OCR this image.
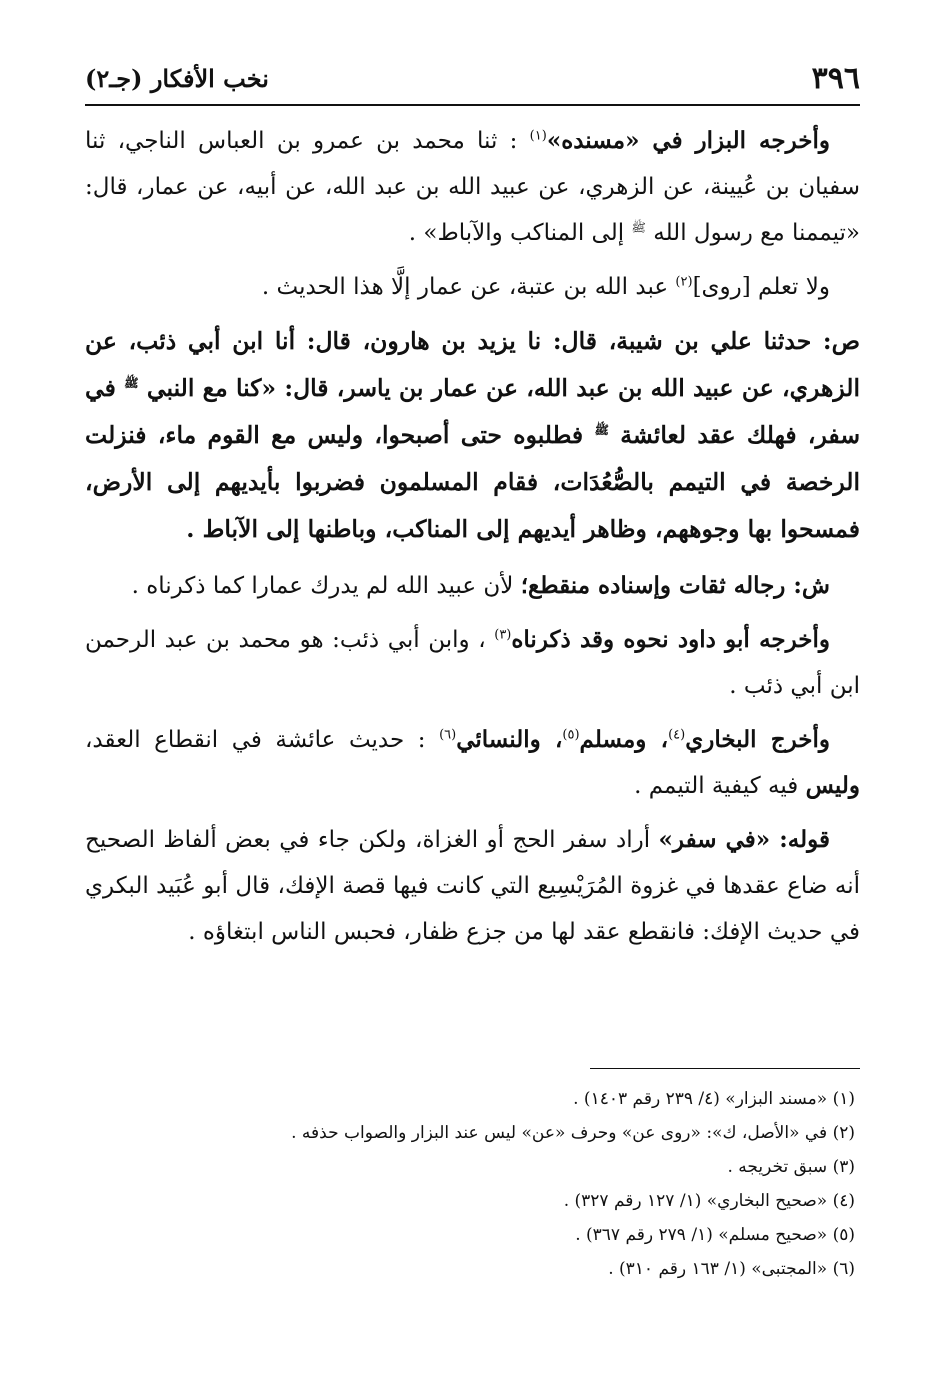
٣٩٦
نخب الأفكار (جـ٢)

وأخرجه البزار في «مسنده»$^{(١)}$ : ثنا محمد بن عمرو بن العباس الناجي، ثنا سفيان بن عُيينة، عن الزهري، عن عبيد الله بن عبد الله، عن أبيه، عن عمار، قال: «تيممنا مع رسول الله $^ﷺ$ إلى المناكب والآباط» .

ولا تعلم [روى]$^{(٢)}$ عبد الله بن عتبة، عن عمار إلَّا هذا الحديث .

ص: حدثنا علي بن شيبة، قال: نا يزيد بن هارون، قال: أنا ابن أبي ذئب، عن الزهري، عن عبيد الله بن عبد الله، عن عمار بن ياسر، قال: «كنا مع النبي $^ﷺ$ في سفر، فهلك عقد لعائشة $^ﷺ$ فطلبوه حتى أصبحوا، وليس مع القوم ماء، فنزلت الرخصة في التيمم بالصُّعُدَات، فقام المسلمون فضربوا بأيديهم إلى الأرض، فمسحوا بها وجوههم، وظاهر أيديهم إلى المناكب، وباطنها إلى الآباط .

ش: رجاله ثقات وإسناده منقطع؛ لأن عبيد الله لم يدرك عمارا كما ذكرناه .

وأخرجه أبو داود نحوه وقد ذكرناه$^{(٣)}$ ، وابن أبي ذئب: هو محمد بن عبد الرحمن ابن أبي ذئب .

وأخرج البخاري$^{(٤)}$، ومسلم$^{(٥)}$، والنسائي$^{(٦)}$ : حديث عائشة في انقطاع العقد، وليس فيه كيفية التيمم .

قوله: «في سفر» أراد سفر الحج أو الغزاة، ولكن جاء في بعض ألفاظ الصحيح أنه ضاع عقدها في غزوة المُرَيْسِيع التي كانت فيها قصة الإفك، قال أبو عُبَيد البكري في حديث الإفك: فانقطع عقد لها من جزع ظفار، فحبس الناس ابتغاؤه .

(١) «مسند البزار» (٤/ ٢٣٩ رقم ١٤٠٣) .
(٢) في «الأصل، ك»: «روى عن» وحرف «عن» ليس عند البزار والصواب حذفه .
(٣) سبق تخريجه .
(٤) «صحيح البخاري» (١/ ١٢٧ رقم ٣٢٧) .
(٥) «صحيح مسلم» (١/ ٢٧٩ رقم ٣٦٧) .
(٦) «المجتبى» (١/ ١٦٣ رقم ٣١٠) .
